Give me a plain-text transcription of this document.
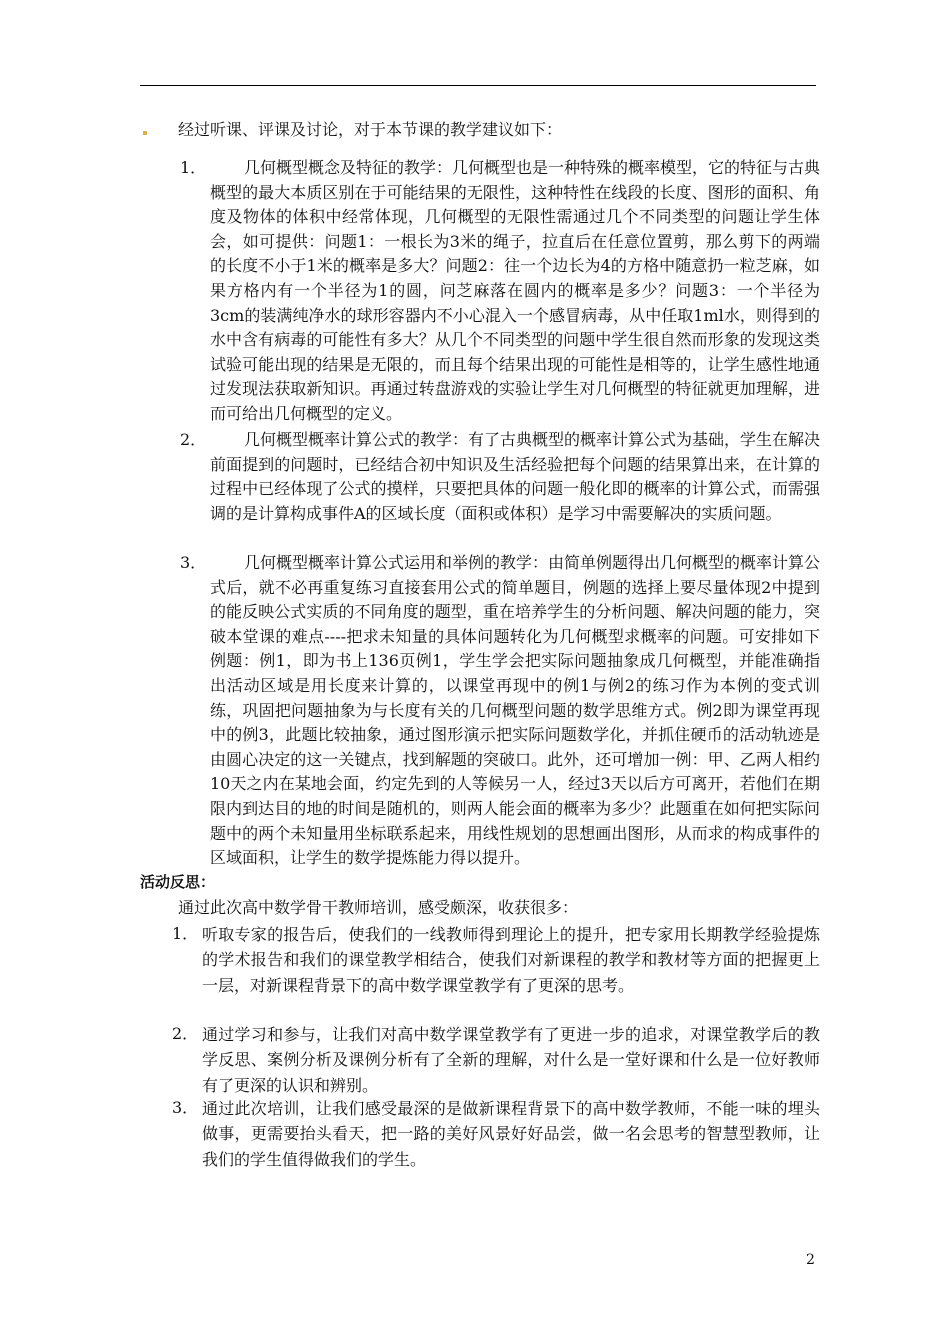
经过听课、评课及讨论，对于本节课的教学建议如下：
1．	几何概型概念及特征的教学：几何概型也是一种特殊的概率模型，它的特征与古典概型的最大本质区别在于可能结果的无限性，这种特性在线段的长度、图形的面积、角度及物体的体积中经常体现，几何概型的无限性需通过几个不同类型的问题让学生体会，如可提供：问题1：一根长为3米的绳子，拉直后在任意位置剪，那么剪下的两端的长度不小于1米的概率是多大？问题2：往一个边长为4的方格中随意扔一粒芝麻，如果方格内有一个半径为1的圆，问芝麻落在圆内的概率是多少？问题3：一个半径为3cm的装满纯净水的球形容器内不小心混入一个感冒病毒，从中任取1ml水，则得到的水中含有病毒的可能性有多大？从几个不同类型的问题中学生很自然而形象的发现这类试验可能出现的结果是无限的，而且每个结果出现的可能性是相等的，让学生感性地通过发现法获取新知识。再通过转盘游戏的实验让学生对几何概型的特征就更加理解，进而可给出几何概型的定义。
2．	几何概型概率计算公式的教学：有了古典概型的概率计算公式为基础，学生在解决前面提到的问题时，已经结合初中知识及生活经验把每个问题的结果算出来，在计算的过程中已经体现了公式的摸样，只要把具体的问题一般化即的概率的计算公式，而需强调的是计算构成事件A的区域长度（面积或体积）是学习中需要解决的实质问题。
3．	几何概型概率计算公式运用和举例的教学：由简单例题得出几何概型的概率计算公式后，就不必再重复练习直接套用公式的简单题目，例题的选择上要尽量体现2中提到的能反映公式实质的不同角度的题型，重在培养学生的分析问题、解决问题的能力，突破本堂课的难点----把求未知量的具体问题转化为几何概型求概率的问题。可安排如下例题：例1，即为书上136页例1，学生学会把实际问题抽象成几何概型，并能准确指出活动区域是用长度来计算的，以课堂再现中的例1与例2的练习作为本例的变式训练，巩固把问题抽象为与长度有关的几何概型问题的数学思维方式。例2即为课堂再现中的例3，此题比较抽象，通过图形演示把实际问题数学化，并抓住硬币的活动轨迹是由圆心决定的这一关键点，找到解题的突破口。此外，还可增加一例：甲、乙两人相约10天之内在某地会面，约定先到的人等候另一人，经过3天以后方可离开，若他们在期限内到达目的地的时间是随机的，则两人能会面的概率为多少？此题重在如何把实际问题中的两个未知量用坐标联系起来，用线性规划的思想画出图形，从而求的构成事件的区域面积，让学生的数学提炼能力得以提升。
活动反思：
通过此次高中数学骨干教师培训，感受颇深，收获很多：
1． 听取专家的报告后，使我们的一线教师得到理论上的提升，把专家用长期教学经验提炼的学术报告和我们的课堂教学相结合，使我们对新课程的教学和教材等方面的把握更上一层，对新课程背景下的高中数学课堂教学有了更深的思考。
2． 通过学习和参与，让我们对高中数学课堂教学有了更进一步的追求，对课堂教学后的教学反思、案例分析及课例分析有了全新的理解，对什么是一堂好课和什么是一位好教师有了更深的认识和辨别。
3． 通过此次培训，让我们感受最深的是做新课程背景下的高中数学教师，不能一味的埋头做事，更需要抬头看天，把一路的美好风景好好品尝，做一名会思考的智慧型教师，让我们的学生值得做我们的学生。
2
